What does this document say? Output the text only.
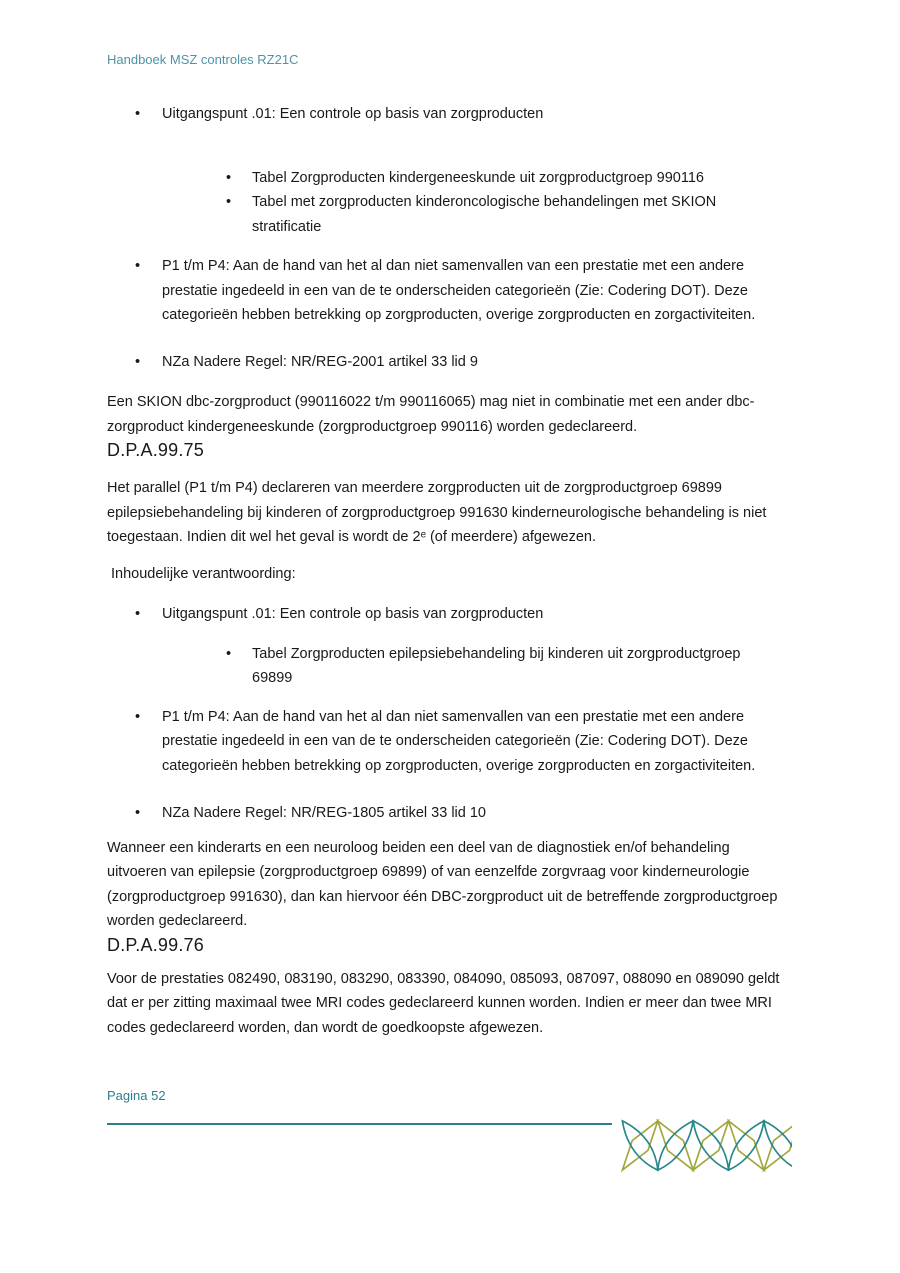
Handboek MSZ controles RZ21C

•	Uitgangspunt .01: Een controle op basis van zorgproducten
•	Tabel Zorgproducten kindergeneeskunde uit zorgproductgroep 990116
•	Tabel met zorgproducten kinderoncologische behandelingen met SKION stratificatie
•	P1 t/m P4: Aan de hand van het al dan niet samenvallen van een prestatie met een andere prestatie ingedeeld in een van de te onderscheiden categorieën (Zie: Codering DOT). Deze categorieën hebben betrekking op zorgproducten, overige zorgproducten en zorgactiviteiten.
•	NZa Nadere Regel: NR/REG-2001 artikel 33 lid 9

Een SKION dbc-zorgproduct (990116022 t/m 990116065) mag niet in combinatie met een ander dbc-zorgproduct kindergeneeskunde (zorgproductgroep 990116) worden gedeclareerd.

D.P.A.99.75

Het parallel (P1 t/m P4) declareren van meerdere zorgproducten uit de zorgproductgroep 69899 epilepsiebehandeling bij kinderen of zorgproductgroep 991630 kinderneurologische behandeling is niet toegestaan. Indien dit wel het geval is wordt de 2ᵉ (of meerdere) afgewezen.

Inhoudelijke verantwoording:

•	Uitgangspunt .01: Een controle op basis van zorgproducten
•	Tabel Zorgproducten epilepsiebehandeling bij kinderen uit zorgproductgroep 69899
•	P1 t/m P4: Aan de hand van het al dan niet samenvallen van een prestatie met een andere prestatie ingedeeld in een van de te onderscheiden categorieën (Zie: Codering DOT). Deze categorieën hebben betrekking op zorgproducten, overige zorgproducten en zorgactiviteiten.
•	NZa Nadere Regel: NR/REG-1805 artikel 33 lid 10

Wanneer een kinderarts en een neuroloog beiden een deel van de diagnostiek en/of behandeling uitvoeren van epilepsie (zorgproductgroep 69899) of van eenzelfde zorgvraag voor kinderneurologie (zorgproductgroep 991630), dan kan hiervoor één DBC-zorgproduct uit de betreffende zorgproductgroep worden gedeclareerd.

D.P.A.99.76

Voor de prestaties 082490, 083190, 083290, 083390, 084090, 085093, 087097, 088090 en 089090 geldt dat er per zitting maximaal twee MRI codes gedeclareerd kunnen worden. Indien er meer dan twee MRI codes gedeclareerd worden, dan wordt de goedkoopste afgewezen.

Pagina 52
